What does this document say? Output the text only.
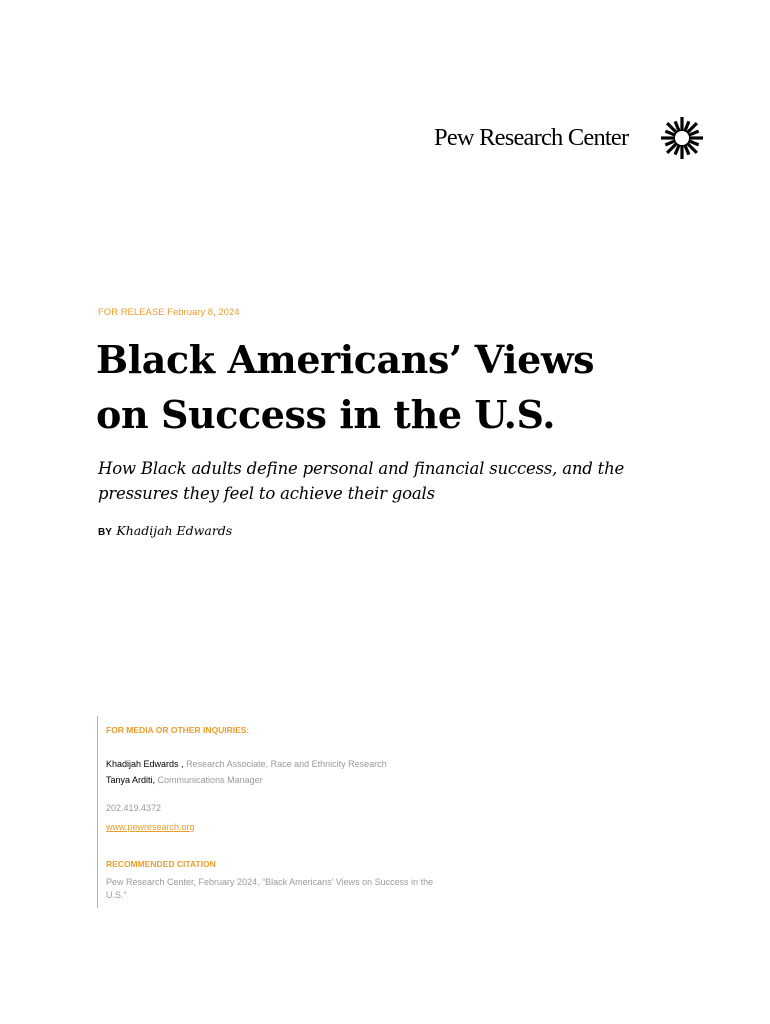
Pew Research Center
FOR RELEASE February 8, 2024
Black Americans’ Views
on Success in the U.S.
How Black adults define personal and financial success, and the
pressures they feel to achieve their goals
BY Khadijah Edwards
FOR MEDIA OR OTHER INQUIRIES:
Khadijah Edwards , Research Associate, Race and Ethnicity Research
Tanya Arditi, Communications Manager
202.419.4372
www.pewresearch.org
RECOMMENDED CITATION
Pew Research Center, February 2024, “Black Americans’ Views on Success in the
U.S.”
